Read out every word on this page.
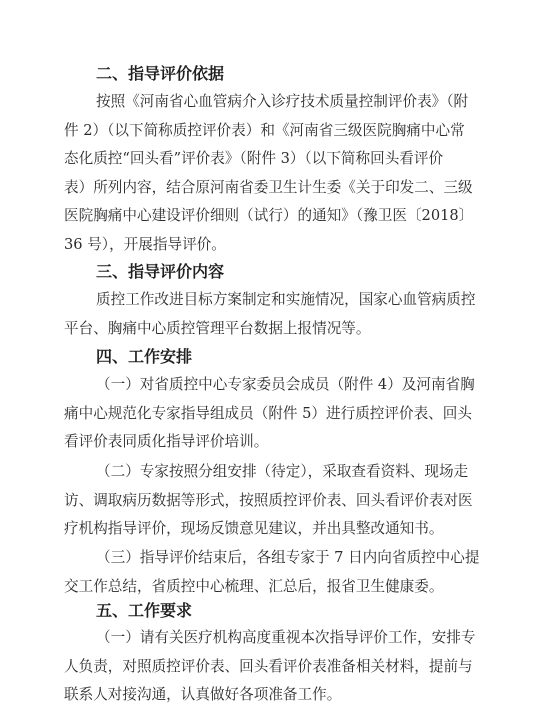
二、指导评价依据
按照《河南省心血管病介入诊疗技术质量控制评价表》（附
件 2）（以下简称质控评价表）和《河南省三级医院胸痛中心常
态化质控“回头看”评价表》（附件 3）（以下简称回头看评价
表）所列内容，结合原河南省委卫生计生委《关于印发二、三级
医院胸痛中心建设评价细则（试行）的通知》（豫卫医〔2018〕
36 号），开展指导评价。
三、指导评价内容
质控工作改进目标方案制定和实施情况，国家心血管病质控
平台、胸痛中心质控管理平台数据上报情况等。
四、工作安排
（一）对省质控中心专家委员会成员（附件 4）及河南省胸
痛中心规范化专家指导组成员（附件 5）进行质控评价表、回头
看评价表同质化指导评价培训。
（二）专家按照分组安排（待定），采取查看资料、现场走
访、调取病历数据等形式，按照质控评价表、回头看评价表对医
疗机构指导评价，现场反馈意见建议，并出具整改通知书。
（三）指导评价结束后，各组专家于 7 日内向省质控中心提
交工作总结，省质控中心梳理、汇总后，报省卫生健康委。
五、工作要求
（一）请有关医疗机构高度重视本次指导评价工作，安排专
人负责，对照质控评价表、回头看评价表准备相关材料，提前与
联系人对接沟通，认真做好各项准备工作。
